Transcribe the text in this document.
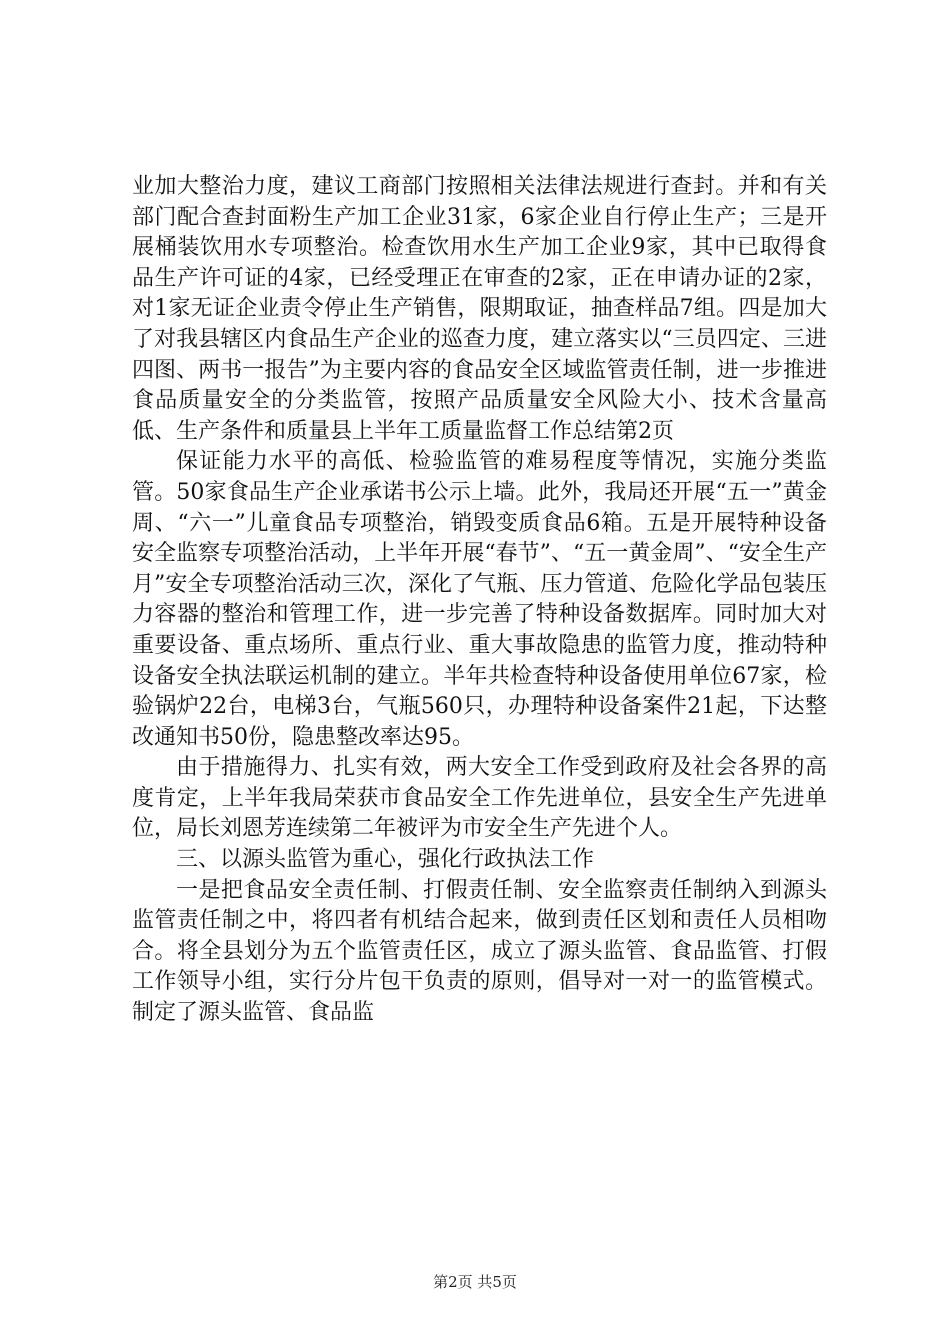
业加大整治力度，建议工商部门按照相关法律法规进行查封。并和有关部门配合查封面粉生产加工企业31家，6家企业自行停止生产；三是开展桶装饮用水专项整治。检查饮用水生产加工企业9家，其中已取得食品生产许可证的4家，已经受理正在审查的2家，正在申请办证的2家，对1家无证企业责令停止生产销售，限期取证，抽查样品7组。四是加大了对我县辖区内食品生产企业的巡查力度，建立落实以“三员四定、三进四图、两书一报告”为主要内容的食品安全区域监管责任制，进一步推进食品质量安全的分类监管，按照产品质量安全风险大小、技术含量高低、生产条件和质量县上半年工质量监督工作总结第2页

保证能力水平的高低、检验监管的难易程度等情况，实施分类监管。50家食品生产企业承诺书公示上墙。此外，我局还开展“五一”黄金周、“六一”儿童食品专项整治，销毁变质食品6箱。五是开展特种设备安全监察专项整治活动，上半年开展“春节”、“五一黄金周”、“安全生产月”安全专项整治活动三次，深化了气瓶、压力管道、危险化学品包装压力容器的整治和管理工作，进一步完善了特种设备数据库。同时加大对重要设备、重点场所、重点行业、重大事故隐患的监管力度，推动特种设备安全执法联运机制的建立。半年共检查特种设备使用单位67家，检验锅炉22台，电梯3台，气瓶560只，办理特种设备案件21起，下达整改通知书50份，隐患整改率达95。

由于措施得力、扎实有效，两大安全工作受到政府及社会各界的高度肯定，上半年我局荣获市食品安全工作先进单位，县安全生产先进单位，局长刘恩芳连续第二年被评为市安全生产先进个人。

三、以源头监管为重心，强化行政执法工作

一是把食品安全责任制、打假责任制、安全监察责任制纳入到源头监管责任制之中，将四者有机结合起来，做到责任区划和责任人员相吻合。将全县划分为五个监管责任区，成立了源头监管、食品监管、打假工作领导小组，实行分片包干负责的原则，倡导对一对一的监管模式。制定了源头监管、食品监

第2页 共5页
